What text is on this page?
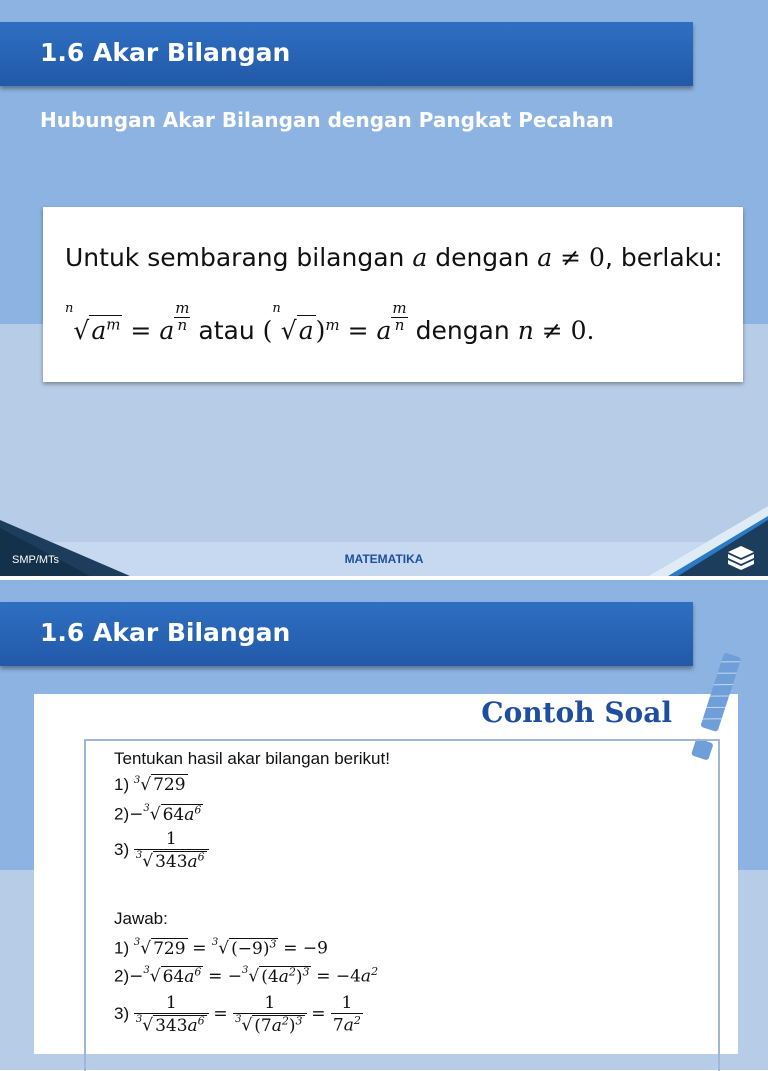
1.6 Akar Bilangan
Hubungan Akar Bilangan dengan Pangkat Pecahan
Untuk sembarang bilangan a dengan a ≠ 0, berlaku:
$^n√a^m = a \frac{m}{n}$ atau $(^n√a)^m = a \frac{m}{n}$ dengan n ≠ 0.
SMP/MTs	MATEMATIKA
1.6 Akar Bilangan
Contoh Soal
Tentukan hasil akar bilangan berikut!
1) $^3$√ 729
2)−$^3$√ $64a^6$
$3) \frac{1}{^3√ 343a^6}$
Jawab:
1) $^3$√ 729 = $^3$√ $(-9)^3 = -9$
2)−$^3$√ $64a^6 = -^3√$ $(4a^2)^3 = -4a^2$
$3) \frac{1}{^3√ 343a^6} = \frac{1}{^3√ (7a^2)^3} = \frac{1}{7a^2}$
